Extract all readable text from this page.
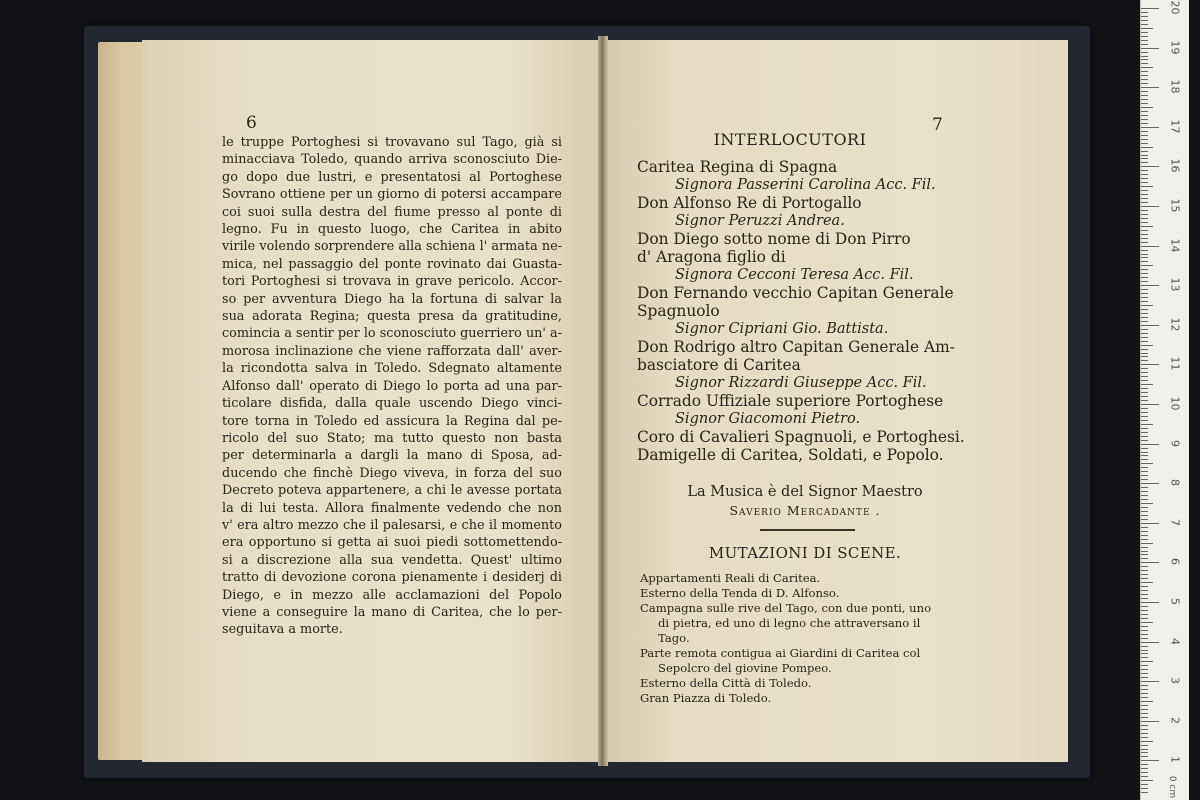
6
le truppe Portoghesi si trovavano sul Tago, già si
minacciava Toledo, quando arriva sconosciuto Die-
go dopo due lustri, e presentatosi al Portoghese
Sovrano ottiene per un giorno di potersi accampare
coi suoi sulla destra del fiume presso al ponte di
legno. Fu in questo luogo, che Caritea in abito
virile volendo sorprendere alla schiena l' armata ne-
mica, nel passaggio del ponte rovinato dai Guasta-
tori Portoghesi si trovava in grave pericolo. Accor-
so per avventura Diego ha la fortuna di salvar la
sua adorata Regina; questa presa da gratitudine,
comincia a sentir per lo sconosciuto guerriero un' a-
morosa inclinazione che viene rafforzata dall' aver-
la ricondotta salva in Toledo. Sdegnato altamente
Alfonso dall' operato di Diego lo porta ad una par-
ticolare disfida, dalla quale uscendo Diego vinci-
tore torna in Toledo ed assicura la Regina dal pe-
ricolo del suo Stato; ma tutto questo non basta
per determinarla a dargli la mano di Sposa, ad-
ducendo che finchè Diego viveva, in forza del suo
Decreto poteva appartenere, a chi le avesse portata
la di lui testa. Allora finalmente vedendo che non
v' era altro mezzo che il palesarsi, e che il momento
era opportuno si getta ai suoi piedi sottomettendo-
si a discrezione alla sua vendetta. Quest' ultimo
tratto di devozione corona pienamente i desiderj di
Diego, e in mezzo alle acclamazioni del Popolo
viene a conseguire la mano di Caritea, che lo per-
seguitava a morte.
7
INTERLOCUTORI
Caritea Regina di Spagna
Signora Passerini Carolina Acc. Fil.
Don Alfonso Re di Portogallo
Signor Peruzzi Andrea.
Don Diego sotto nome di Don Pirro
d' Aragona figlio di
Signora Cecconi Teresa Acc. Fil.
Don Fernando vecchio Capitan Generale
Spagnuolo
Signor Cipriani Gio. Battista.
Don Rodrigo altro Capitan Generale Am-
basciatore di Caritea
Signor Rizzardi Giuseppe Acc. Fil.
Corrado Uffiziale superiore Portoghese
Signor Giacomoni Pietro.
Coro di Cavalieri Spagnuoli, e Portoghesi.
Damigelle di Caritea, Soldati, e Popolo.
La Musica è del Signor Maestro
Saverio Mercadante .
MUTAZIONI DI SCENE.
Appartamenti Reali di Caritea.
Esterno della Tenda di D. Alfonso.
Campagna sulle rive del Tago, con due ponti, uno
di pietra, ed uno di legno che attraversano il
Tago.
Parte remota contigua ai Giardini di Caritea col
Sepolcro del giovine Pompeo.
Esterno della Città di Toledo.
Gran Piazza di Toledo.
0 cm
20
19
18
17
16
15
14
13
12
11
10
9
8
7
6
5
4
3
2
1
